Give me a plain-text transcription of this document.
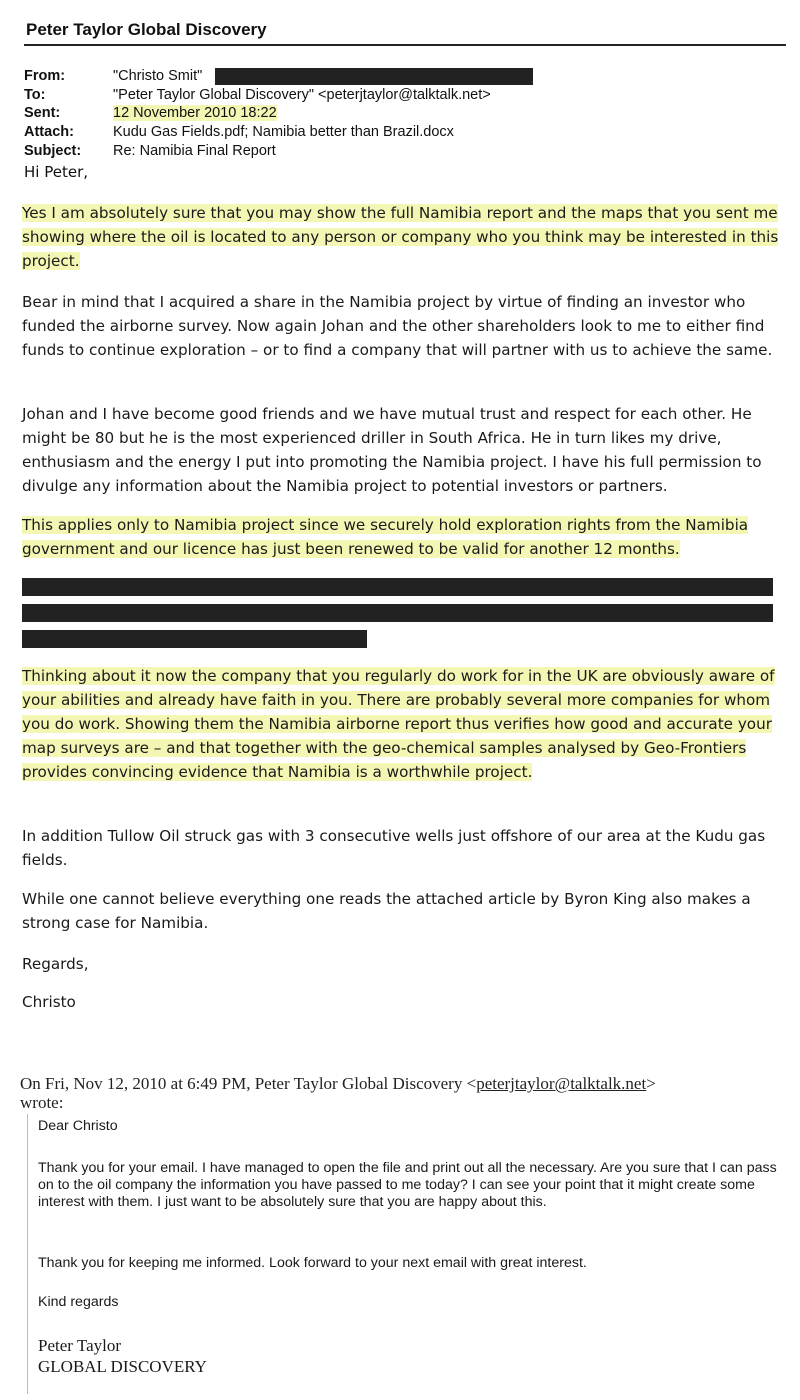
Peter Taylor Global Discovery
From:	"Christo Smit"
To:	"Peter Taylor Global Discovery" <peterjtaylor@talktalk.net>
Sent:	12 November 2010 18:22
Attach:	Kudu Gas Fields.pdf; Namibia better than Brazil.docx
Subject:	Re: Namibia Final Report
Hi Peter,
Yes I am absolutely sure that you may show the full Namibia report and the maps that you sent me showing where the oil is located to any person or company who you think may be interested in this project.
Bear in mind that I acquired a share in the Namibia project by virtue of finding an investor who funded the airborne survey. Now again Johan and the other shareholders look to me to either find funds to continue exploration – or to find a company that will partner with us to achieve the same.
Johan and I have become good friends and we have mutual trust and respect for each other. He might be 80 but he is the most experienced driller in South Africa. He in turn likes my drive, enthusiasm and the energy I put into promoting the Namibia project. I have his full permission to divulge any information about the Namibia project to potential investors or partners.
This applies only to Namibia project since we securely hold exploration rights from the Namibia government and our licence has just been renewed to be valid for another 12 months.
Thinking about it now the company that you regularly do work for in the UK are obviously aware of your abilities and already have faith in you. There are probably several more companies for whom you do work. Showing them the Namibia airborne report thus verifies how good and accurate your map surveys are – and that together with the geo-chemical samples analysed by Geo-Frontiers provides convincing evidence that Namibia is a worthwhile project.
In addition Tullow Oil struck gas with 3 consecutive wells just offshore of our area at the Kudu gas fields.
While one cannot believe everything one reads the attached article by Byron King also makes a strong case for Namibia.
Regards,
Christo
On Fri, Nov 12, 2010 at 6:49 PM, Peter Taylor Global Discovery <peterjtaylor@talktalk.net>
wrote:
Dear Christo
Thank you for your email. I have managed to open the file and print out all the necessary. Are you sure that I can pass on to the oil company the information you have passed to me today? I can see your point that it might create some interest with them. I just want to be absolutely sure that you are happy about this.
Thank you for keeping me informed. Look forward to your next email with great interest.
Kind regards
Peter Taylor
GLOBAL DISCOVERY
